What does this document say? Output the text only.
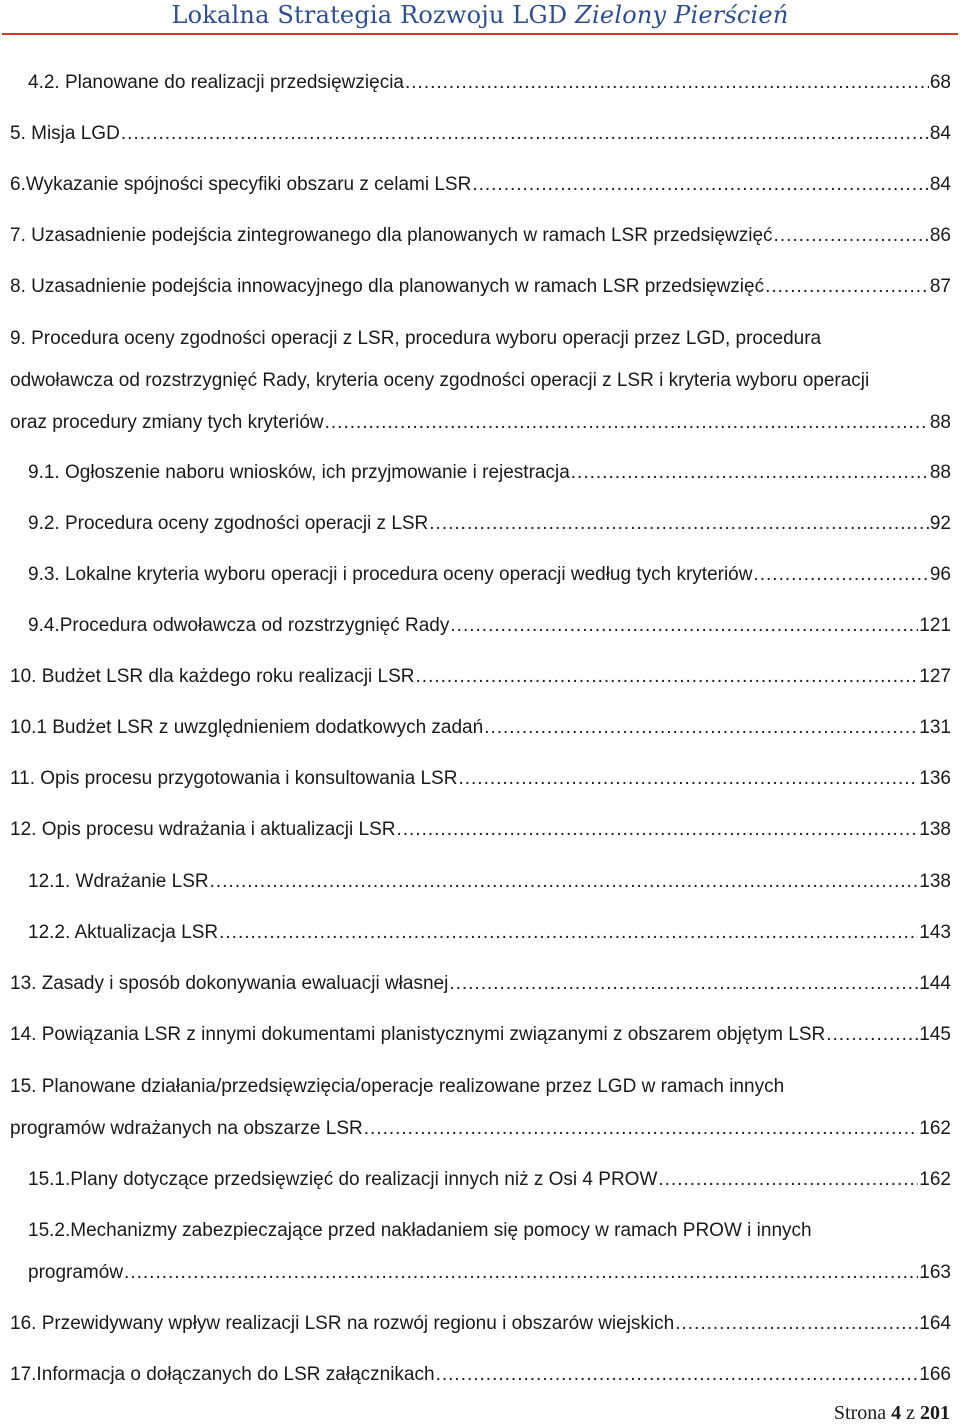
Lokalna Strategia Rozwoju LGD Zielony Pierścień
4.2. Planowane do realizacji przedsięwzięcia .....	68
5. Misja LGD .....	84
6.Wykazanie spójności specyfiki obszaru z celami LSR .....	84
7. Uzasadnienie podejścia zintegrowanego dla planowanych w ramach LSR przedsięwzięć .....	86
8. Uzasadnienie podejścia innowacyjnego dla planowanych w ramach LSR przedsięwzięć .....	87
9. Procedura oceny zgodności operacji z LSR, procedura wyboru operacji przez LGD, procedura
odwoławcza od rozstrzygnięć Rady, kryteria oceny zgodności operacji z LSR i kryteria wyboru operacji
oraz procedury zmiany tych kryteriów .....	88
9.1. Ogłoszenie naboru wniosków, ich przyjmowanie i rejestracja .....	88
9.2. Procedura oceny zgodności operacji z LSR .....	92
9.3. Lokalne kryteria wyboru operacji i procedura oceny operacji według tych kryteriów .....	96
9.4.Procedura odwoławcza od rozstrzygnięć Rady .....	121
10. Budżet LSR dla każdego roku realizacji LSR .....	127
10.1 Budżet LSR z uwzględnieniem dodatkowych zadań .....	131
11. Opis procesu przygotowania i konsultowania LSR .....	136
12. Opis procesu wdrażania i aktualizacji LSR .....	138
12.1. Wdrażanie LSR .....	138
12.2. Aktualizacja LSR .....	143
13. Zasady i sposób dokonywania ewaluacji własnej .....	144
14. Powiązania LSR z innymi dokumentami planistycznymi związanymi z obszarem objętym LSR .....	145
15. Planowane działania/przedsięwzięcia/operacje realizowane przez LGD w ramach innych
programów wdrażanych na obszarze LSR .....	162
15.1.Plany dotyczące przedsięwzięć do realizacji innych niż z Osi 4 PROW .....	162
15.2.Mechanizmy zabezpieczające przed nakładaniem się pomocy w ramach PROW i innych
programów .....	163
16. Przewidywany wpływ realizacji LSR na rozwój regionu i obszarów wiejskich .....	164
17.Informacja o dołączanych do LSR załącznikach .....	166
Strona 4 z 201
